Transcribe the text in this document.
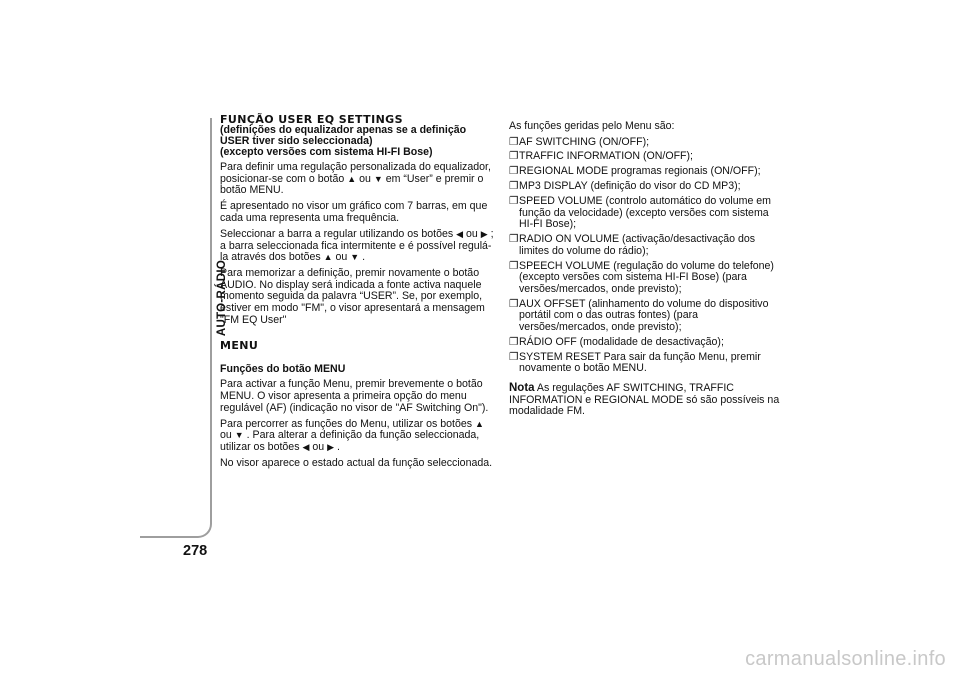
AUTO-RÁDIO
278
FUNÇÃO USER EQ SETTINGS
(definições do equalizador apenas se a definição USER tiver sido seleccionada)
(excepto versões com sistema HI-FI Bose)

Para definir uma regulação personalizada do equalizador, posicionar-se com o botão ▲ ou ▼ em “User” e premir o botão MENU.

É apresentado no visor um gráfico com 7 barras, em que cada uma representa uma frequência.

Seleccionar a barra a regular utilizando os botões ◀ ou ▶ ; a barra seleccionada fica intermitente e é possível regulá-la através dos botões ▲ ou ▼ .

Para memorizar a definição, premir novamente o botão ÁUDIO. No display será indicada a fonte activa naquele momento seguida da palavra “USER”. Se, por exemplo, estiver em modo "FM", o visor apresentará a mensagem "FM EQ User"

MENU
Funções do botão MENU

Para activar a função Menu, premir brevemente o botão MENU. O visor apresenta a primeira opção do menu regulável (AF) (indicação no visor de "AF Switching On").

Para percorrer as funções do Menu, utilizar os botões ▲ ou ▼ . Para alterar a definição da função seleccionada, utilizar os botões ◀ ou ▶ .

No visor aparece o estado actual da função seleccionada.

As funções geridas pelo Menu são:
❐AF SWITCHING (ON/OFF);
❐TRAFFIC INFORMATION (ON/OFF);
❐REGIONAL MODE programas regionais (ON/OFF);
❐MP3 DISPLAY (definição do visor do CD MP3);
❐SPEED VOLUME (controlo automático do volume em função da velocidade) (excepto versões com sistema HI-FI Bose);
❐RADIO ON VOLUME (activação/desactivação dos limites do volume do rádio);
❐SPEECH VOLUME (regulação do volume do telefone) (excepto versões com sistema HI-FI Bose) (para versões/mercados, onde previsto);
❐AUX OFFSET (alinhamento do volume do dispositivo portátil com o das outras fontes) (para versões/mercados, onde previsto);
❐RÁDIO OFF (modalidade de desactivação);
❐SYSTEM RESET Para sair da função Menu, premir novamente o botão MENU.

Nota As regulações AF SWITCHING, TRAFFIC INFORMATION e REGIONAL MODE só são possíveis na modalidade FM.

carmanualsonline.info
